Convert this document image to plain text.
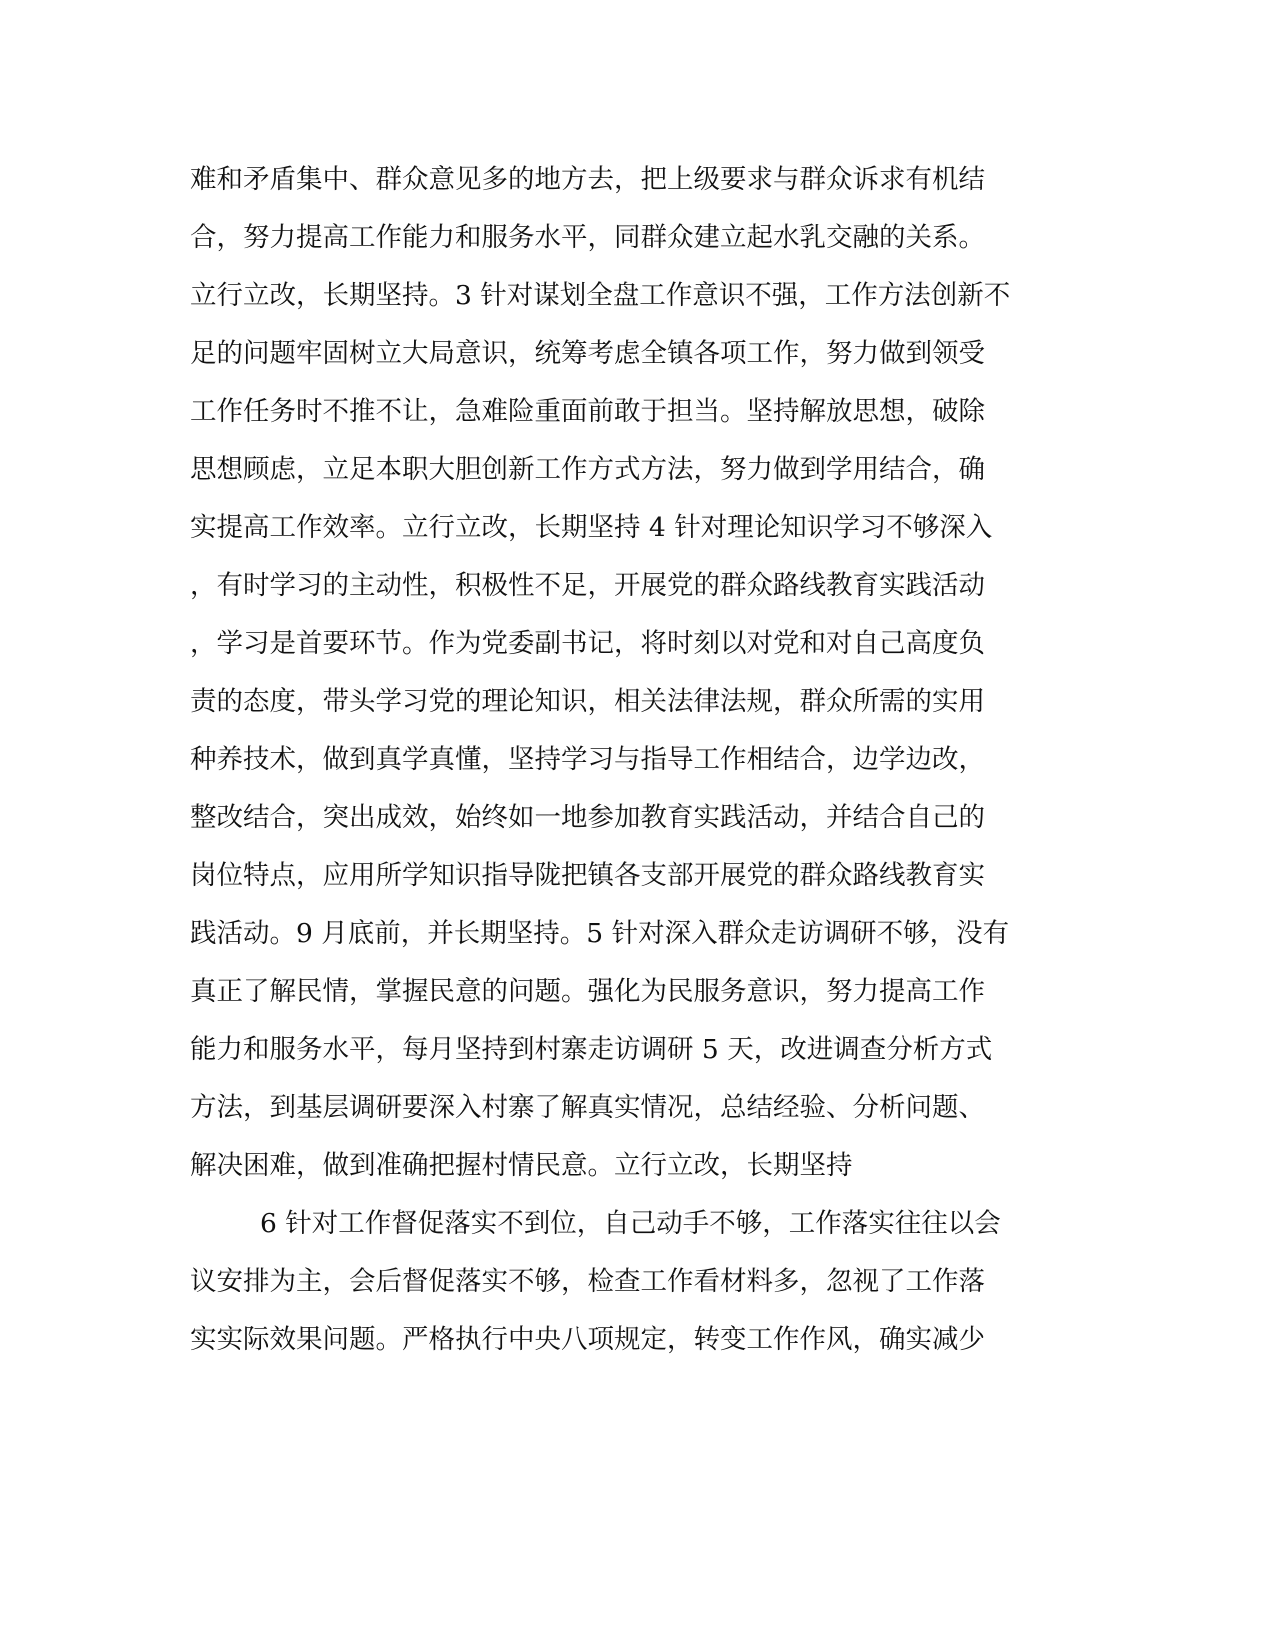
难和矛盾集中、群众意见多的地方去，把上级要求与群众诉求有机结
合，努力提高工作能力和服务水平，同群众建立起水乳交融的关系。
立行立改，长期坚持。3 针对谋划全盘工作意识不强，工作方法创新不
足的问题牢固树立大局意识，统筹考虑全镇各项工作，努力做到领受
工作任务时不推不让，急难险重面前敢于担当。坚持解放思想，破除
思想顾虑，立足本职大胆创新工作方式方法，努力做到学用结合，确
实提高工作效率。立行立改，长期坚持 4 针对理论知识学习不够深入
，有时学习的主动性，积极性不足，开展党的群众路线教育实践活动
，学习是首要环节。作为党委副书记，将时刻以对党和对自己高度负
责的态度，带头学习党的理论知识，相关法律法规，群众所需的实用
种养技术，做到真学真懂，坚持学习与指导工作相结合，边学边改，
整改结合，突出成效，始终如一地参加教育实践活动，并结合自己的
岗位特点，应用所学知识指导陇把镇各支部开展党的群众路线教育实
践活动。9 月底前，并长期坚持。5 针对深入群众走访调研不够，没有
真正了解民情，掌握民意的问题。强化为民服务意识，努力提高工作
能力和服务水平，每月坚持到村寨走访调研 5 天，改进调查分析方式
方法，到基层调研要深入村寨了解真实情况，总结经验、分析问题、
解决困难，做到准确把握村情民意。立行立改，长期坚持
6 针对工作督促落实不到位，自己动手不够，工作落实往往以会
议安排为主，会后督促落实不够，检查工作看材料多，忽视了工作落
实实际效果问题。严格执行中央八项规定，转变工作作风，确实减少
